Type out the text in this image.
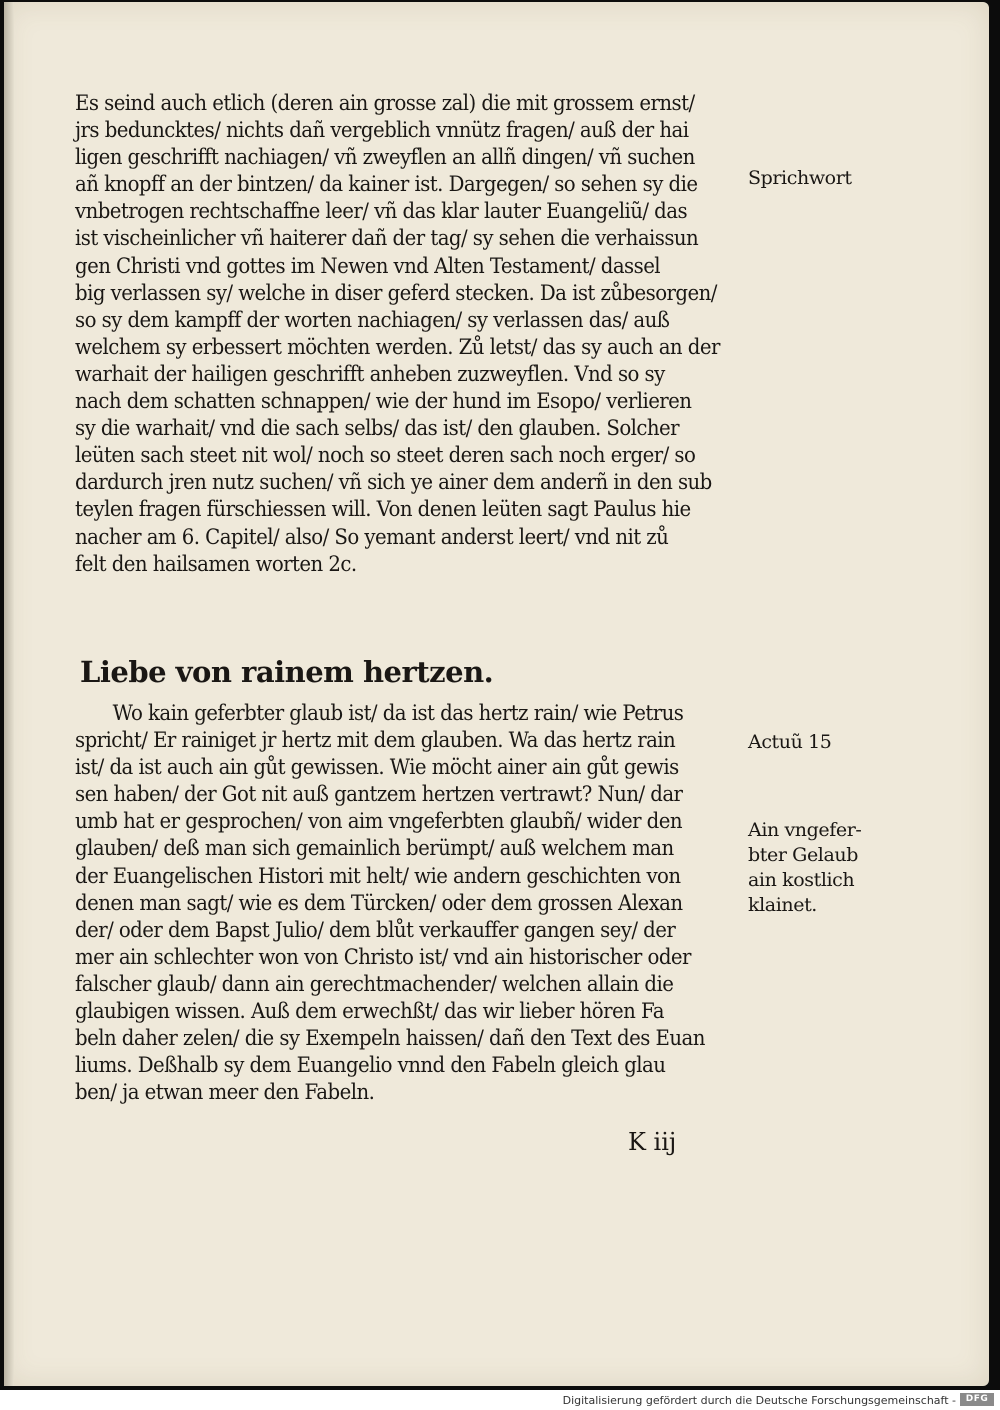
Es seind auch etlich (deren ain grosse zal) die mit grossem ernst/
jrs beduncktes/ nichts dañ vergeblich vnnütz fragen/ auß der hai
ligen geschrifft nachiagen/ vñ zweyflen an allñ dingen/ vñ suchen
añ knopff an der bintzen/ da kainer ist. Dargegen/ so sehen sy die
vnbetrogen rechtschaffne leer/ vñ das klar lauter Euangeliũ/ das
ist vischeinlicher vñ haiterer dañ der tag/ sy sehen die verhaissun
gen Christi vnd gottes im Newen vnd Alten Testament/ dassel
big verlassen sy/ welche in diser geferd stecken. Da ist zůbesorgen/
so sy dem kampff der worten nachiagen/ sy verlassen das/ auß
welchem sy erbessert möchten werden. Zů letst/ das sy auch an der
warhait der hailigen geschrifft anheben zuzweyflen. Vnd so sy
nach dem schatten schnappen/ wie der hund im Esopo/ verlieren
sy die warhait/ vnd die sach selbs/ das ist/ den glauben. Solcher
leüten sach steet nit wol/ noch so steet deren sach noch erger/ so
dardurch jren nutz suchen/ vñ sich ye ainer dem anderñ in den sub
teylen fragen fürschiessen will. Von denen leüten sagt Paulus hie
nacher am 6. Capitel/ also/ So yemant anderst leert/ vnd nit zů
felt den hailsamen worten 2c.
Liebe von rainem hertzen.
Wo kain geferbter glaub ist/ da ist das hertz rain/ wie Petrus
spricht/ Er rainiget jr hertz mit dem glauben. Wa das hertz rain
ist/ da ist auch ain gůt gewissen. Wie möcht ainer ain gůt gewis
sen haben/ der Got nit auß gantzem hertzen vertrawt? Nun/ dar
umb hat er gesprochen/ von aim vngeferbten glaubñ/ wider den
glauben/ deß man sich gemainlich berümpt/ auß welchem man
der Euangelischen Histori mit helt/ wie andern geschichten von
denen man sagt/ wie es dem Türcken/ oder dem grossen Alexan
der/ oder dem Bapst Julio/ dem blůt verkauffer gangen sey/ der
mer ain schlechter won von Christo ist/ vnd ain historischer oder
falscher glaub/ dann ain gerechtmachender/ welchen allain die
glaubigen wissen. Auß dem erwechßt/ das wir lieber hören Fa
beln daher zelen/ die sy Exempeln haissen/ dañ den Text des Euan
liums. Deßhalb sy dem Euangelio vnnd den Fabeln gleich glau
ben/ ja etwan meer den Fabeln.
Sprichwort
Actuũ 15
Ain vngefer-
bter Gelaub
ain kostlich
klainet.
K iij
Digitalisierung gefördert durch die Deutsche Forschungsgemeinschaft -	DFG
